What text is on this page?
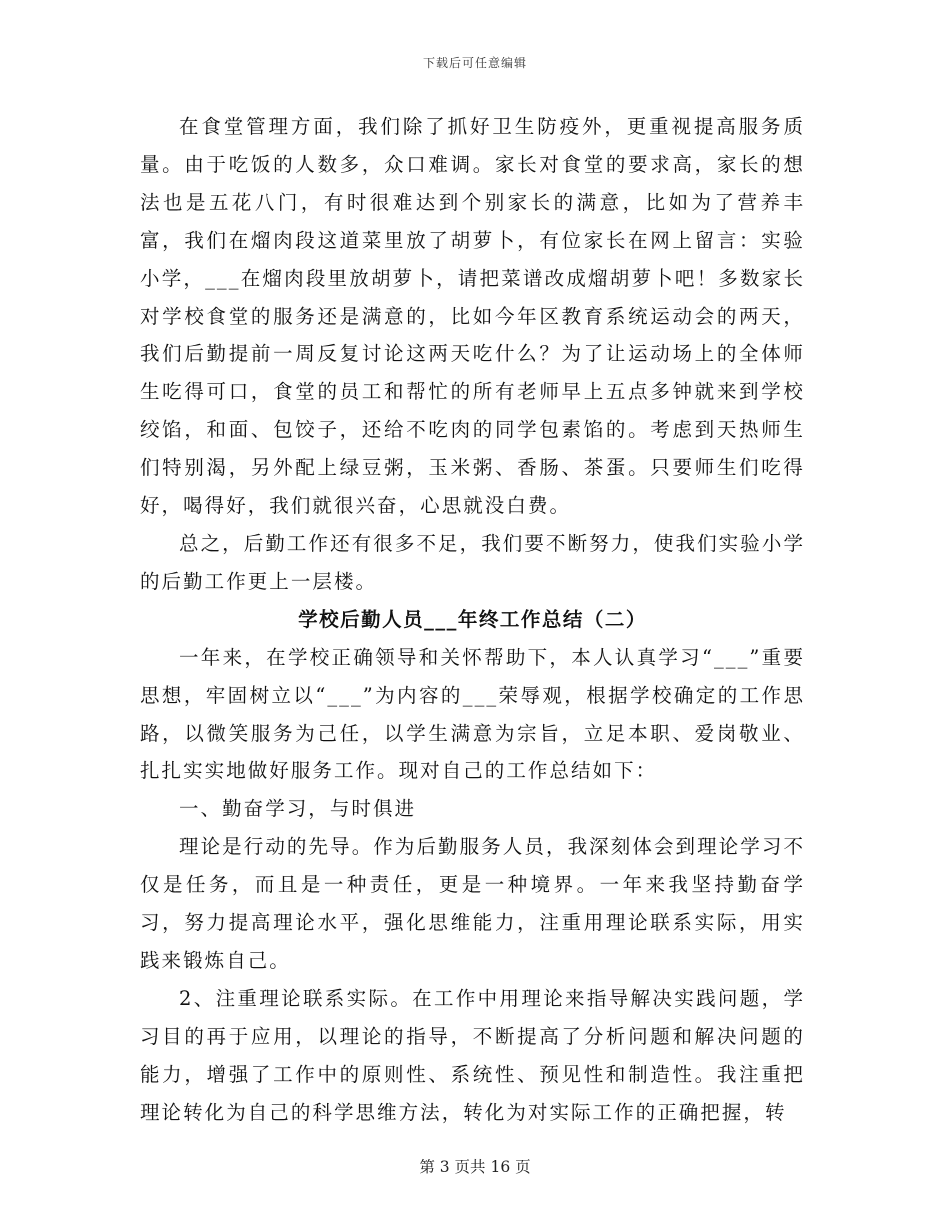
下载后可任意编辑

在食堂管理方面，我们除了抓好卫生防疫外，更重视提高服务质量。由于吃饭的人数多，众口难调。家长对食堂的要求高，家长的想法也是五花八门，有时很难达到个别家长的满意，比如为了营养丰富，我们在熘肉段这道菜里放了胡萝卜，有位家长在网上留言：实验小学，___在熘肉段里放胡萝卜，请把菜谱改成熘胡萝卜吧！多数家长对学校食堂的服务还是满意的，比如今年区教育系统运动会的两天，我们后勤提前一周反复讨论这两天吃什么？为了让运动场上的全体师生吃得可口，食堂的员工和帮忙的所有老师早上五点多钟就来到学校绞馅，和面、包饺子，还给不吃肉的同学包素馅的。考虑到天热师生们特别渴，另外配上绿豆粥，玉米粥、香肠、茶蛋。只要师生们吃得好，喝得好，我们就很兴奋，心思就没白费。

总之，后勤工作还有很多不足，我们要不断努力，使我们实验小学的后勤工作更上一层楼。

学校后勤人员___年终工作总结（二）

一年来，在学校正确领导和关怀帮助下，本人认真学习“___”重要思想，牢固树立以“___”为内容的___荣辱观，根据学校确定的工作思路，以微笑服务为己任，以学生满意为宗旨，立足本职、爱岗敬业、扎扎实实地做好服务工作。现对自己的工作总结如下：

一、勤奋学习，与时俱进

理论是行动的先导。作为后勤服务人员，我深刻体会到理论学习不仅是任务，而且是一种责任，更是一种境界。一年来我坚持勤奋学习，努力提高理论水平，强化思维能力，注重用理论联系实际，用实践来锻炼自己。

2、注重理论联系实际。在工作中用理论来指导解决实践问题，学习目的再于应用，以理论的指导，不断提高了分析问题和解决问题的能力，增强了工作中的原则性、系统性、预见性和制造性。我注重把理论转化为自己的科学思维方法，转化为对实际工作的正确把握，转

第 3 页共 16 页
